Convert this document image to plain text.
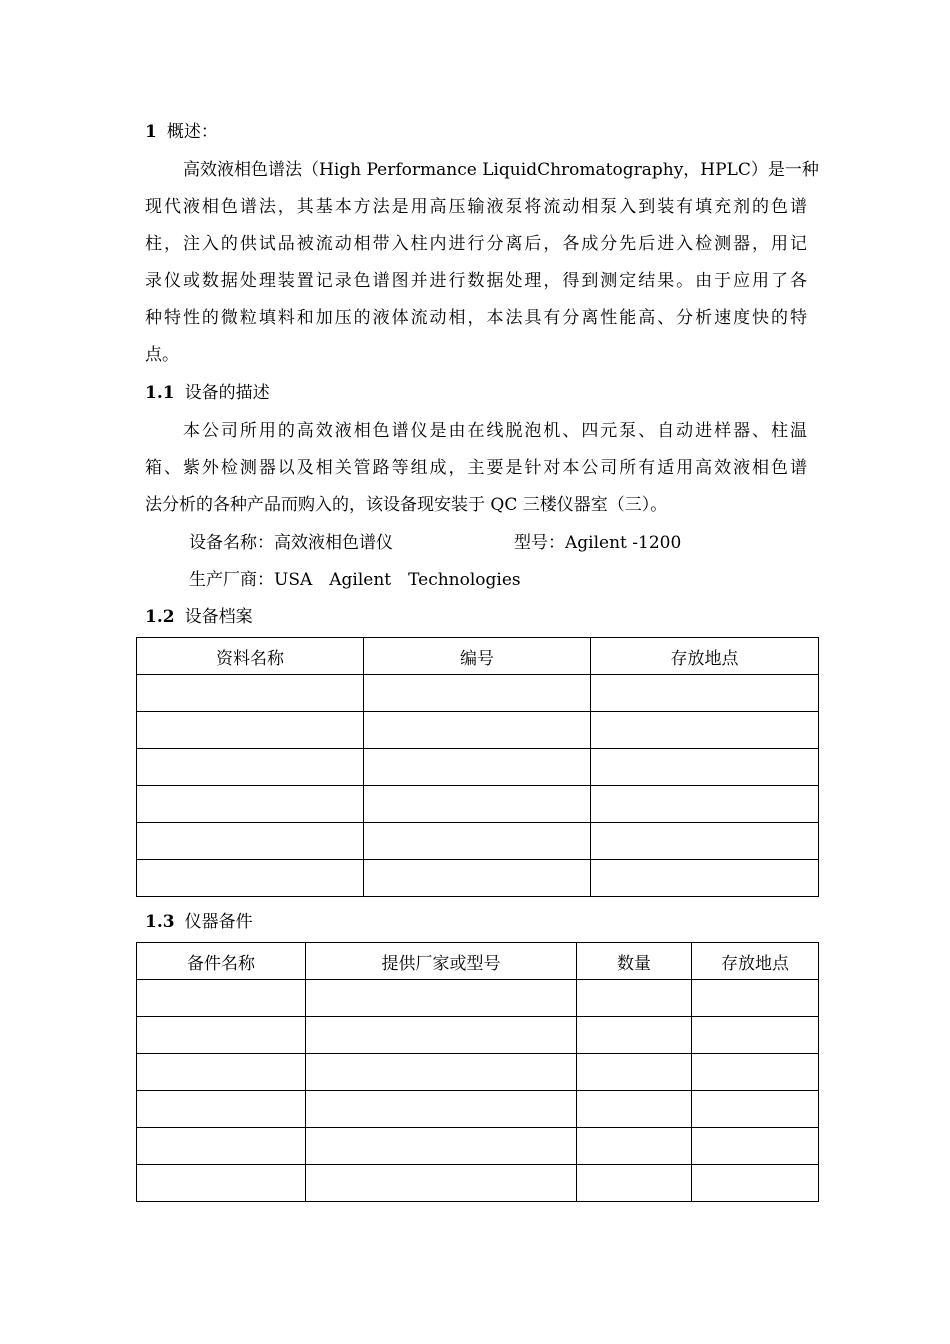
1 概述：
高效液相色谱法（High Performance LiquidChromatography，HPLC）是一种
现代液相色谱法，其基本方法是用高压输液泵将流动相泵入到装有填充剂的色谱
柱，注入的供试品被流动相带入柱内进行分离后，各成分先后进入检测器，用记
录仪或数据处理装置记录色谱图并进行数据处理，得到测定结果。由于应用了各
种特性的微粒填料和加压的液体流动相，本法具有分离性能高、分析速度快的特
点。
1.1 设备的描述
本公司所用的高效液相色谱仪是由在线脱泡机、四元泵、自动进样器、柱温
箱、紫外检测器以及相关管路等组成，主要是针对本公司所有适用高效液相色谱
法分析的各种产品而购入的，该设备现安装于 QC 三楼仪器室（三）。
设备名称：高效液相色谱仪	型号：Agilent -1200
生产厂商：USA　Agilent　Technologies
1.2 设备档案
资料名称	编号	存放地点

1.3 仪器备件
备件名称	提供厂家或型号	数量	存放地点
